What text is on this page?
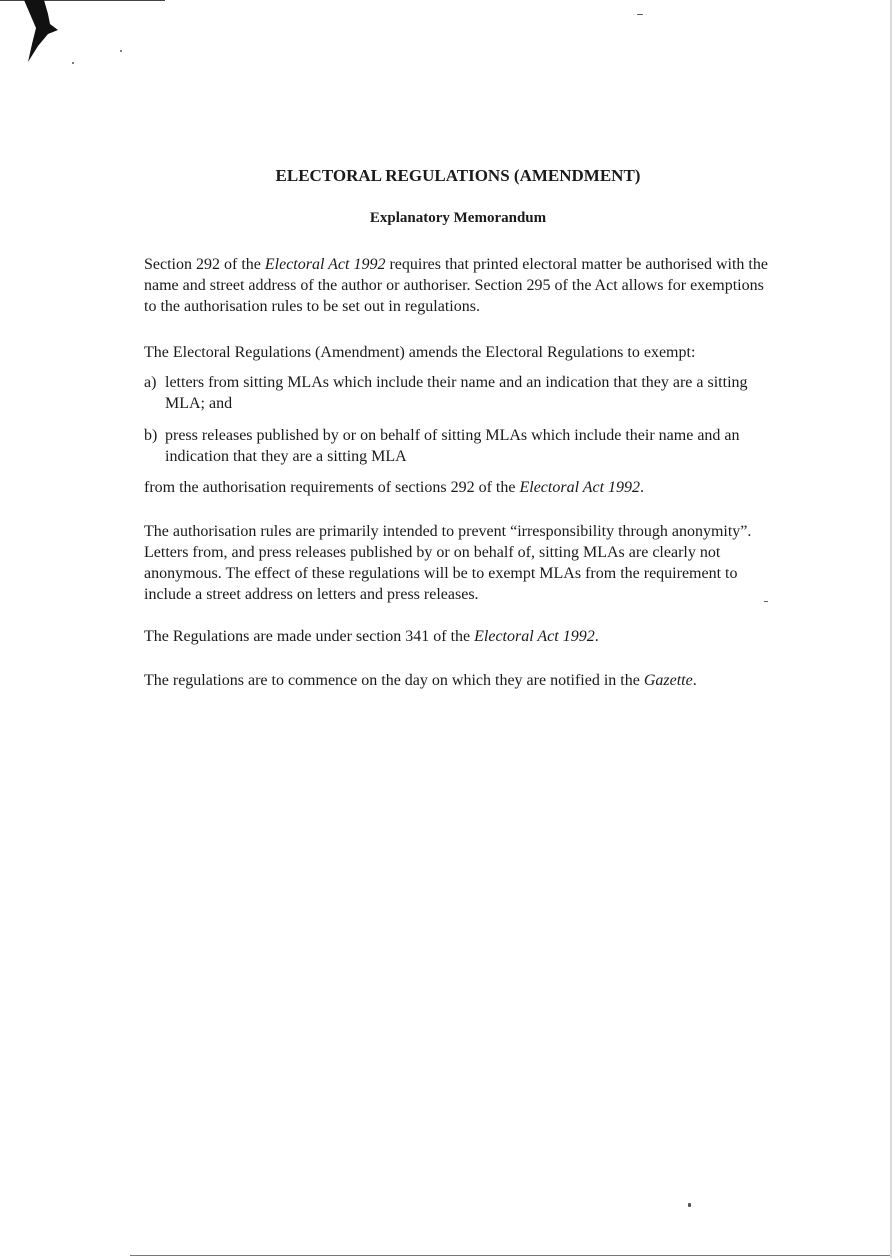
ELECTORAL REGULATIONS (AMENDMENT)
Explanatory Memorandum

Section 292 of the Electoral Act 1992 requires that printed electoral matter be authorised with the name and street address of the author or authoriser. Section 295 of the Act allows for exemptions to the authorisation rules to be set out in regulations.

The Electoral Regulations (Amendment) amends the Electoral Regulations to exempt:

a) letters from sitting MLAs which include their name and an indication that they are a sitting MLA; and
b) press releases published by or on behalf of sitting MLAs which include their name and an indication that they are a sitting MLA

from the authorisation requirements of sections 292 of the Electoral Act 1992.

The authorisation rules are primarily intended to prevent “irresponsibility through anonymity”. Letters from, and press releases published by or on behalf of, sitting MLAs are clearly not anonymous. The effect of these regulations will be to exempt MLAs from the requirement to include a street address on letters and press releases.

The Regulations are made under section 341 of the Electoral Act 1992.

The regulations are to commence on the day on which they are notified in the Gazette.
